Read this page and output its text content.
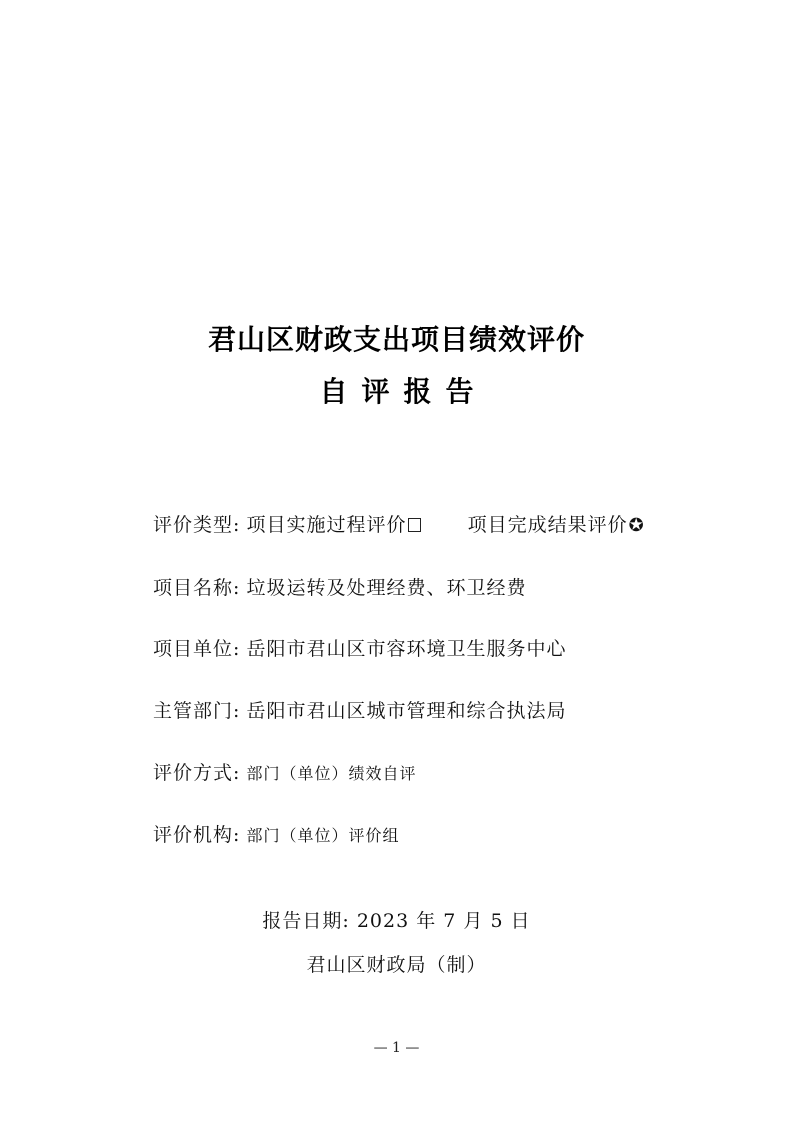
君山区财政支出项目绩效评价
自评报告
评价类型: 项目实施过程评价	项目完成结果评价✪
项目名称: 垃圾运转及处理经费、环卫经费
项目单位: 岳阳市君山区市容环境卫生服务中心
主管部门: 岳阳市君山区城市管理和综合执法局
评价方式: 部门（单位）绩效自评
评价机构: 部门（单位）评价组
报告日期: 2023 年 7 月 5 日
君山区财政局（制）
— 1 —
